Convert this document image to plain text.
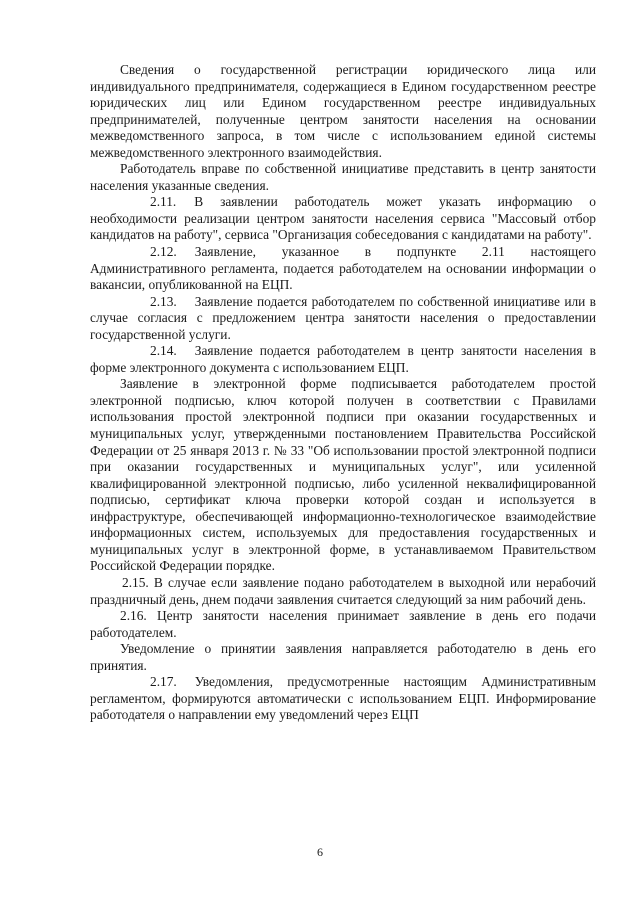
Сведения о государственной регистрации юридического лица или индивидуального предпринимателя, содержащиеся в Едином государственном реестре юридических лиц или Едином государственном реестре индивидуальных предпринимателей, полученные центром занятости населения на основании межведомственного запроса, в том числе с использованием единой системы межведомственного электронного взаимодействия.

Работодатель вправе по собственной инициативе представить в центр занятости населения указанные сведения.

2.11. В заявлении работодатель может указать информацию о необходимости реализации центром занятости населения сервиса "Массовый отбор кандидатов на работу", сервиса "Организация собеседования с кандидатами на работу".

2.12. Заявление, указанное в подпункте 2.11 настоящего Административного регламента, подается работодателем на основании информации о вакансии, опубликованной на ЕЦП.

2.13. Заявление подается работодателем по собственной инициативе или в случае согласия с предложением центра занятости населения о предоставлении государственной услуги.

2.14. Заявление подается работодателем в центр занятости населения в форме электронного документа с использованием ЕЦП.

Заявление в электронной форме подписывается работодателем простой электронной подписью, ключ которой получен в соответствии с Правилами использования простой электронной подписи при оказании государственных и муниципальных услуг, утвержденными постановлением Правительства Российской Федерации от 25 января 2013 г. № 33 "Об использовании простой электронной подписи при оказании государственных и муниципальных услуг", или усиленной квалифицированной электронной подписью, либо усиленной неквалифицированной подписью, сертификат ключа проверки которой создан и используется в инфраструктуре, обеспечивающей информационно-технологическое взаимодействие информационных систем, используемых для предоставления государственных и муниципальных услуг в электронной форме, в устанавливаемом Правительством Российской Федерации порядке.

2.15. В случае если заявление подано работодателем в выходной или нерабочий праздничный день, днем подачи заявления считается следующий за ним рабочий день.

2.16. Центр занятости населения принимает заявление в день его подачи работодателем.

Уведомление о принятии заявления направляется работодателю в день его принятия.

2.17. Уведомления, предусмотренные настоящим Административным регламентом, формируются автоматически с использованием ЕЦП. Информирование работодателя о направлении ему уведомлений через ЕЦП

6
